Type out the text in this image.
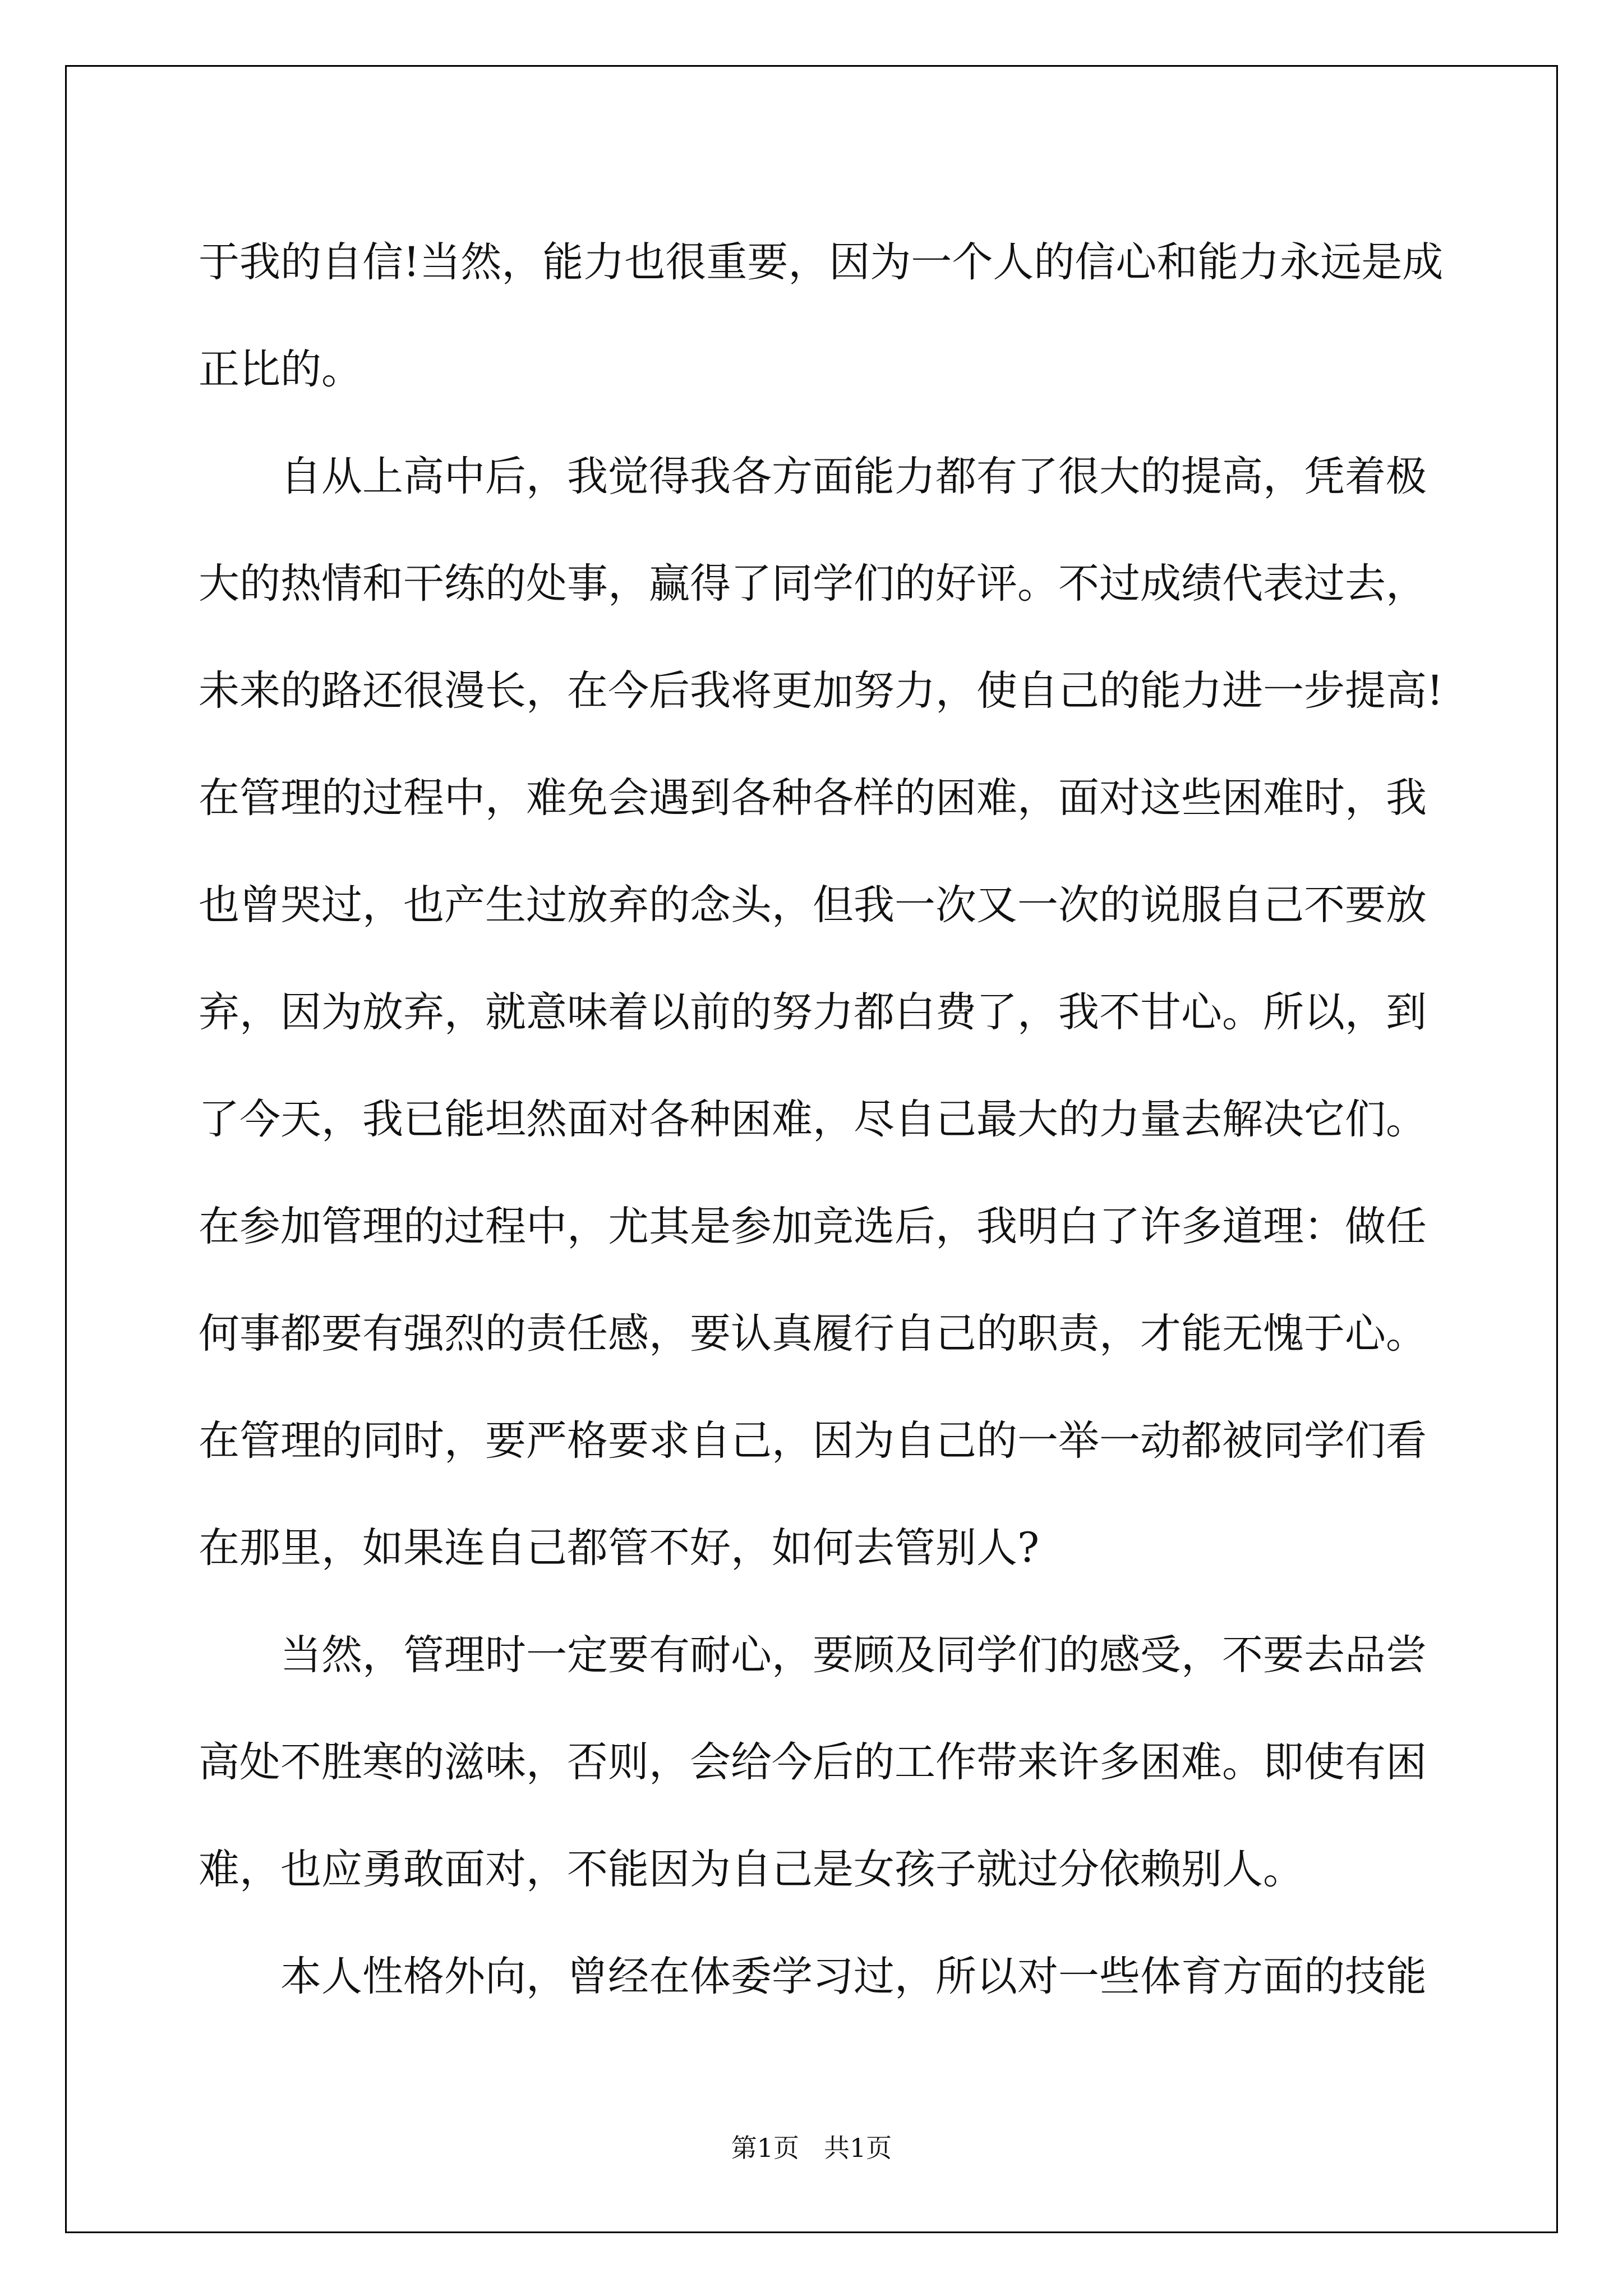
于我的自信!当然，能力也很重要，因为一个人的信心和能力永远是成
正比的。
自从上高中后，我觉得我各方面能力都有了很大的提高，凭着极
大的热情和干练的处事，赢得了同学们的好评。不过成绩代表过去，
未来的路还很漫长，在今后我将更加努力，使自己的能力进一步提高!
在管理的过程中，难免会遇到各种各样的困难，面对这些困难时，我
也曾哭过，也产生过放弃的念头，但我一次又一次的说服自己不要放
弃，因为放弃，就意味着以前的努力都白费了，我不甘心。所以，到
了今天，我已能坦然面对各种困难，尽自己最大的力量去解决它们。
在参加管理的过程中，尤其是参加竞选后，我明白了许多道理：做任
何事都要有强烈的责任感，要认真履行自己的职责，才能无愧于心。
在管理的同时，要严格要求自己，因为自己的一举一动都被同学们看
在那里，如果连自己都管不好，如何去管别人?
当然，管理时一定要有耐心，要顾及同学们的感受，不要去品尝
高处不胜寒的滋味，否则，会给今后的工作带来许多困难。即使有困
难，也应勇敢面对，不能因为自己是女孩子就过分依赖别人。
本人性格外向，曾经在体委学习过，所以对一些体育方面的技能
第1页 共1页
